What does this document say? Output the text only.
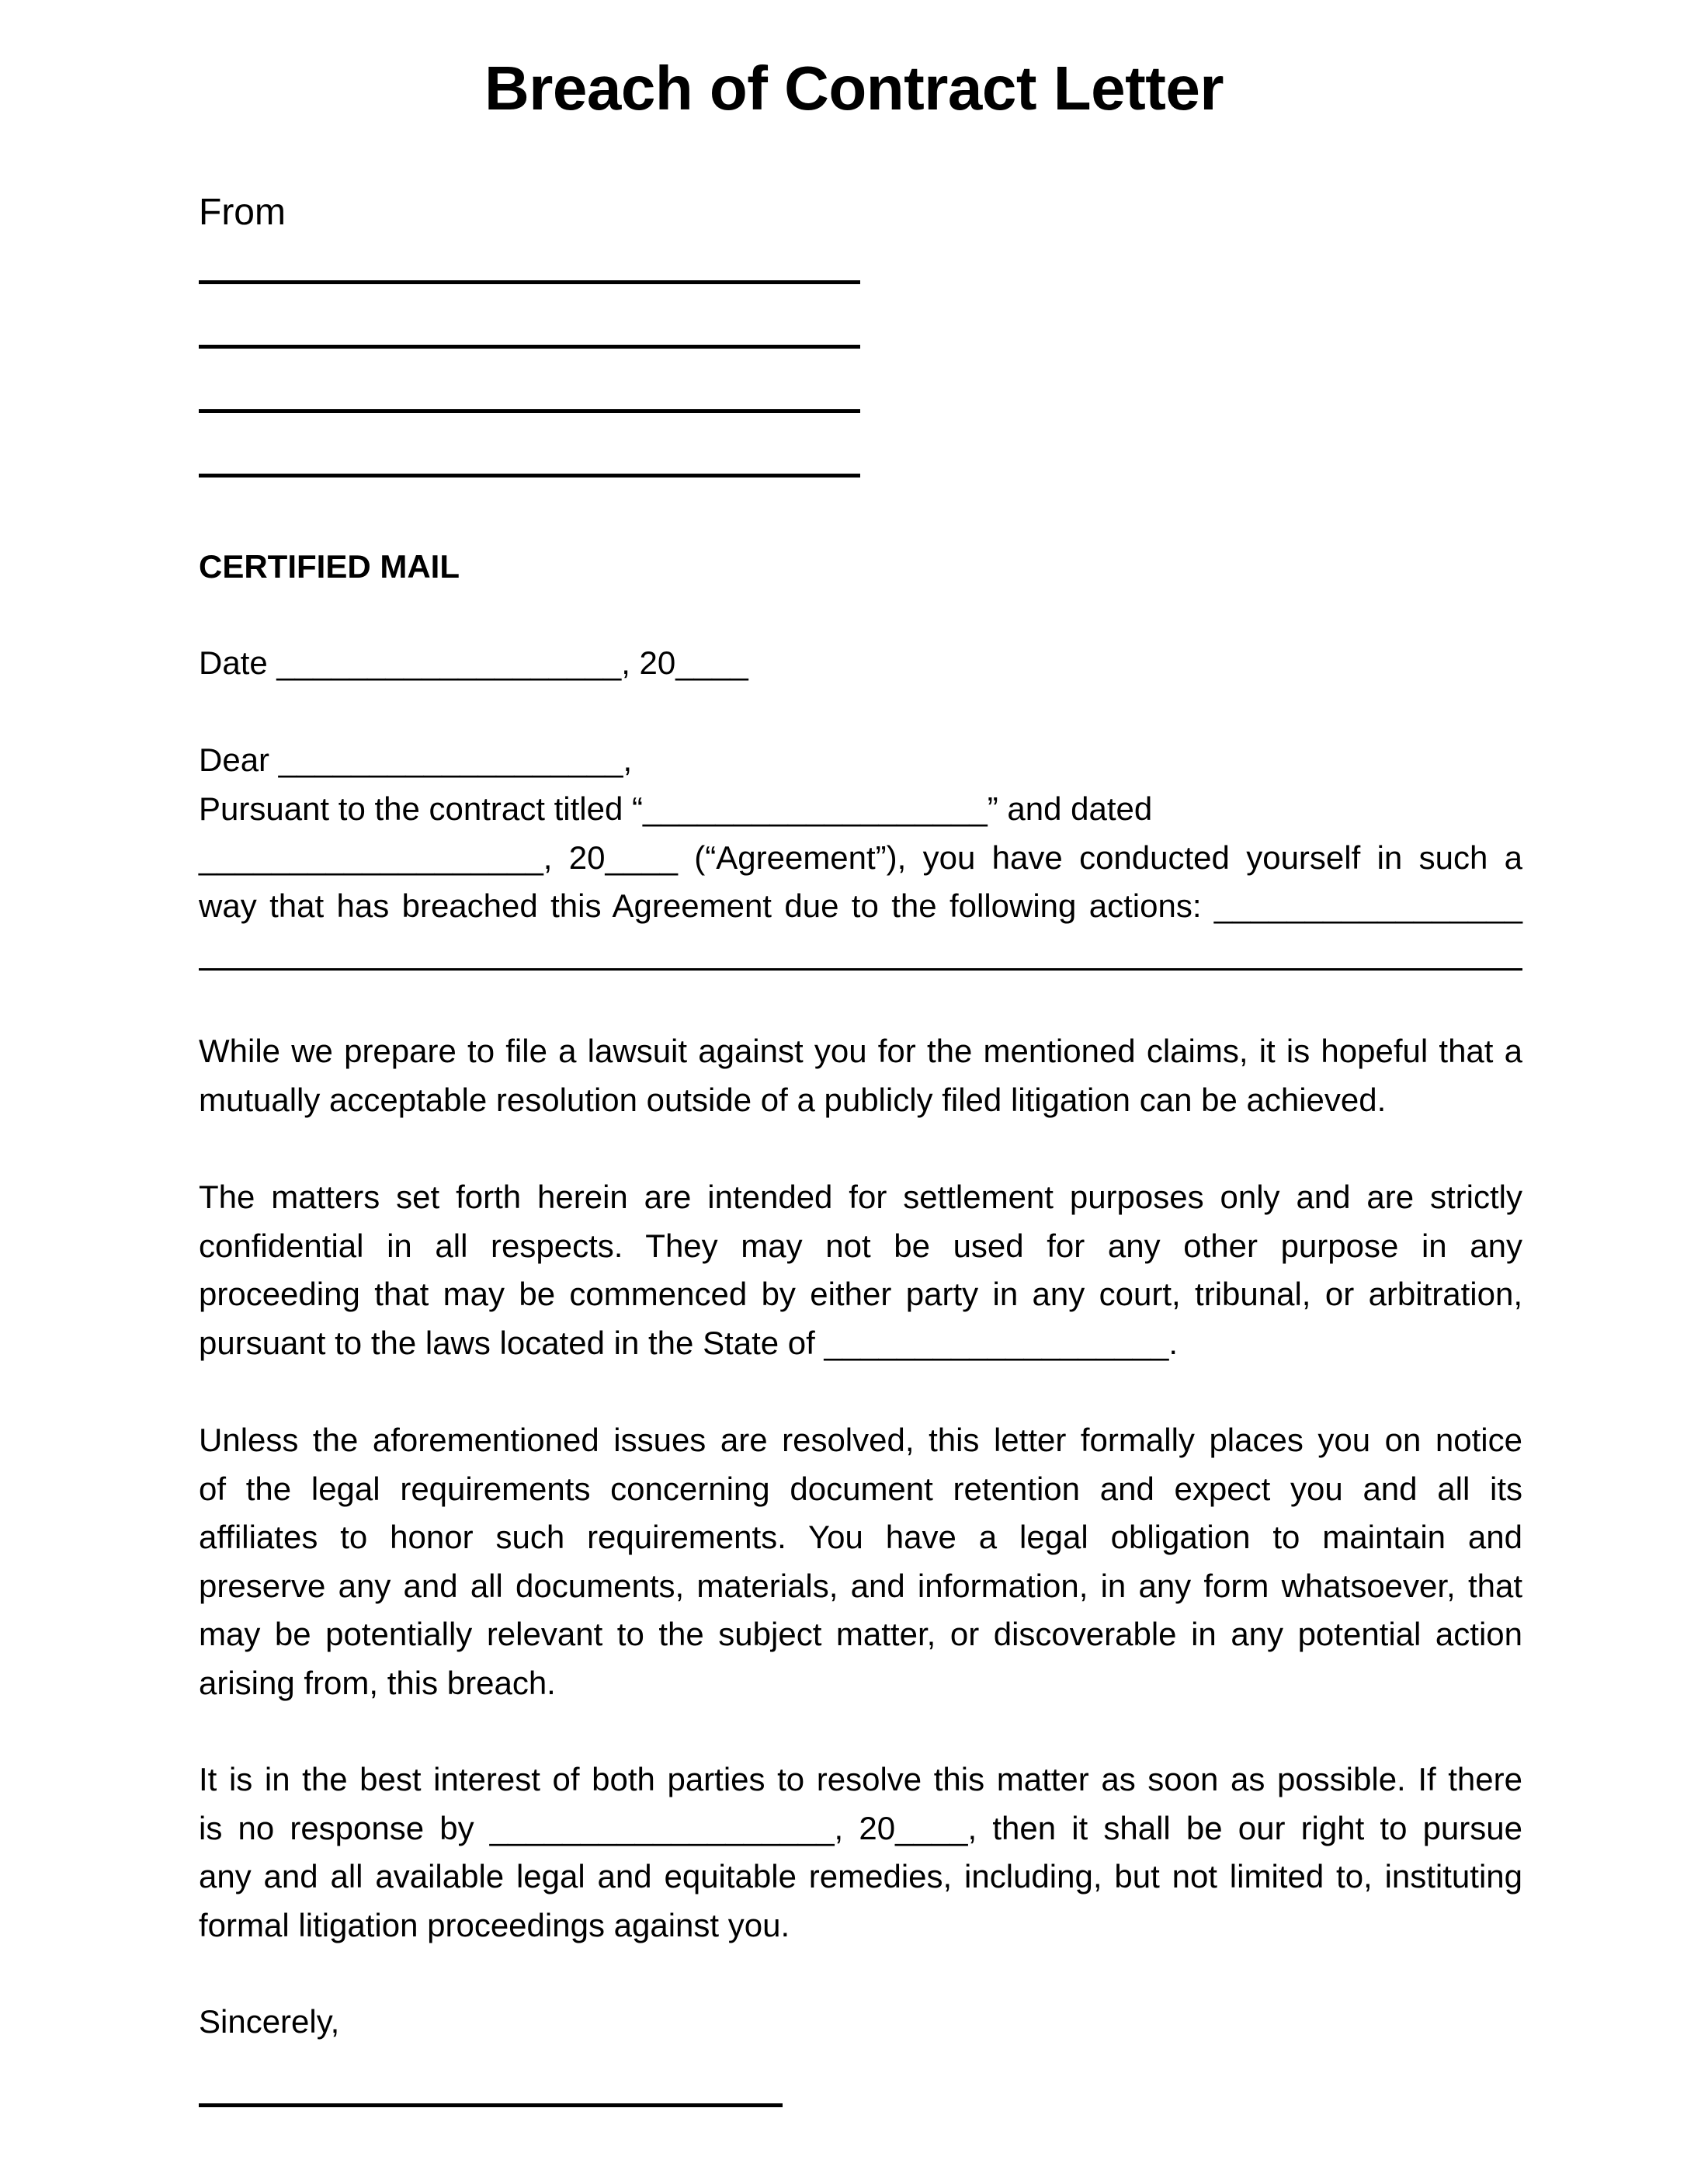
Breach of Contract Letter
From
CERTIFIED MAIL
Date ___________________, 20____
Dear ___________________,
Pursuant to the contract titled “___________________” and dated
___________________, 20____ (“Agreement”), you have conducted yourself in such a
way that has breached this Agreement due to the following actions: _________________
While we prepare to file a lawsuit against you for the mentioned claims, it is hopeful that a
mutually acceptable resolution outside of a publicly filed litigation can be achieved.
The matters set forth herein are intended for settlement purposes only and are strictly
confidential in all respects. They may not be used for any other purpose in any
proceeding that may be commenced by either party in any court, tribunal, or arbitration,
pursuant to the laws located in the State of ___________________.
Unless the aforementioned issues are resolved, this letter formally places you on notice
of the legal requirements concerning document retention and expect you and all its
affiliates to honor such requirements. You have a legal obligation to maintain and
preserve any and all documents, materials, and information, in any form whatsoever, that
may be potentially relevant to the subject matter, or discoverable in any potential action
arising from, this breach.
It is in the best interest of both parties to resolve this matter as soon as possible. If there
is no response by ___________________, 20____, then it shall be our right to pursue
any and all available legal and equitable remedies, including, but not limited to, instituting
formal litigation proceedings against you.
Sincerely,
